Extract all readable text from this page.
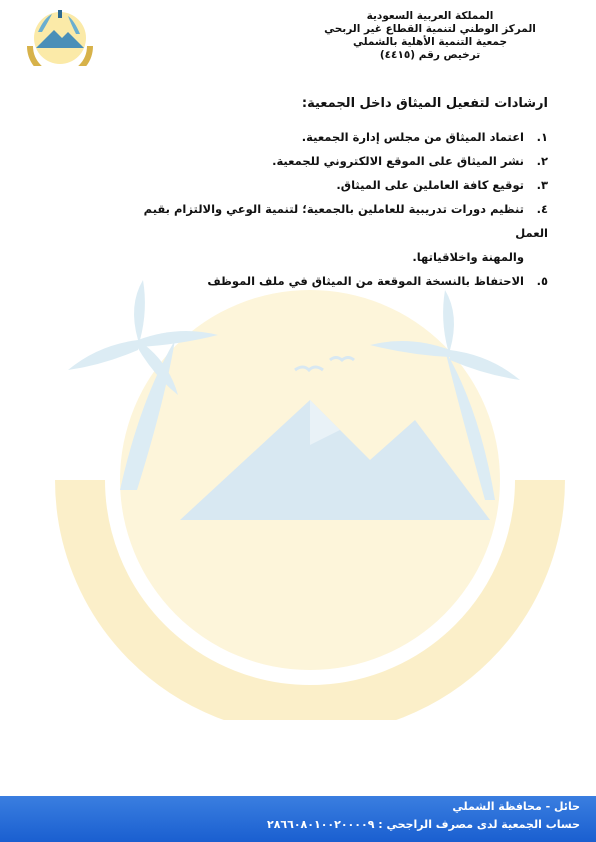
المملكة العربية السعودية
المركز الوطني لتنمية القطاع غير الربحي
جمعية التنمية الأهلية بالشملي
ترخيص رقم (٤٤١٥)
ارشادات لتفعيل الميثاق داخل الجمعية:
١.اعتماد الميثاق من مجلس إدارة الجمعية.
٢.نشر الميثاق على الموقع الالكتروني للجمعية.
٣.توقيع كافة العاملين على الميثاق.
٤.تنظيم دورات تدريبية للعاملين بالجمعية؛ لتنمية الوعي والالتزام بقيم العمل
والمهنة واخلاقياتها.
٥.الاحتفاظ بالنسخة الموقعة من الميثاق في ملف الموظف
حائل - محافظة الشملي
حساب الجمعية لدى مصرف الراجحي : ٢٨٦٦٠٨٠١٠٠٢٠٠٠٠٩
